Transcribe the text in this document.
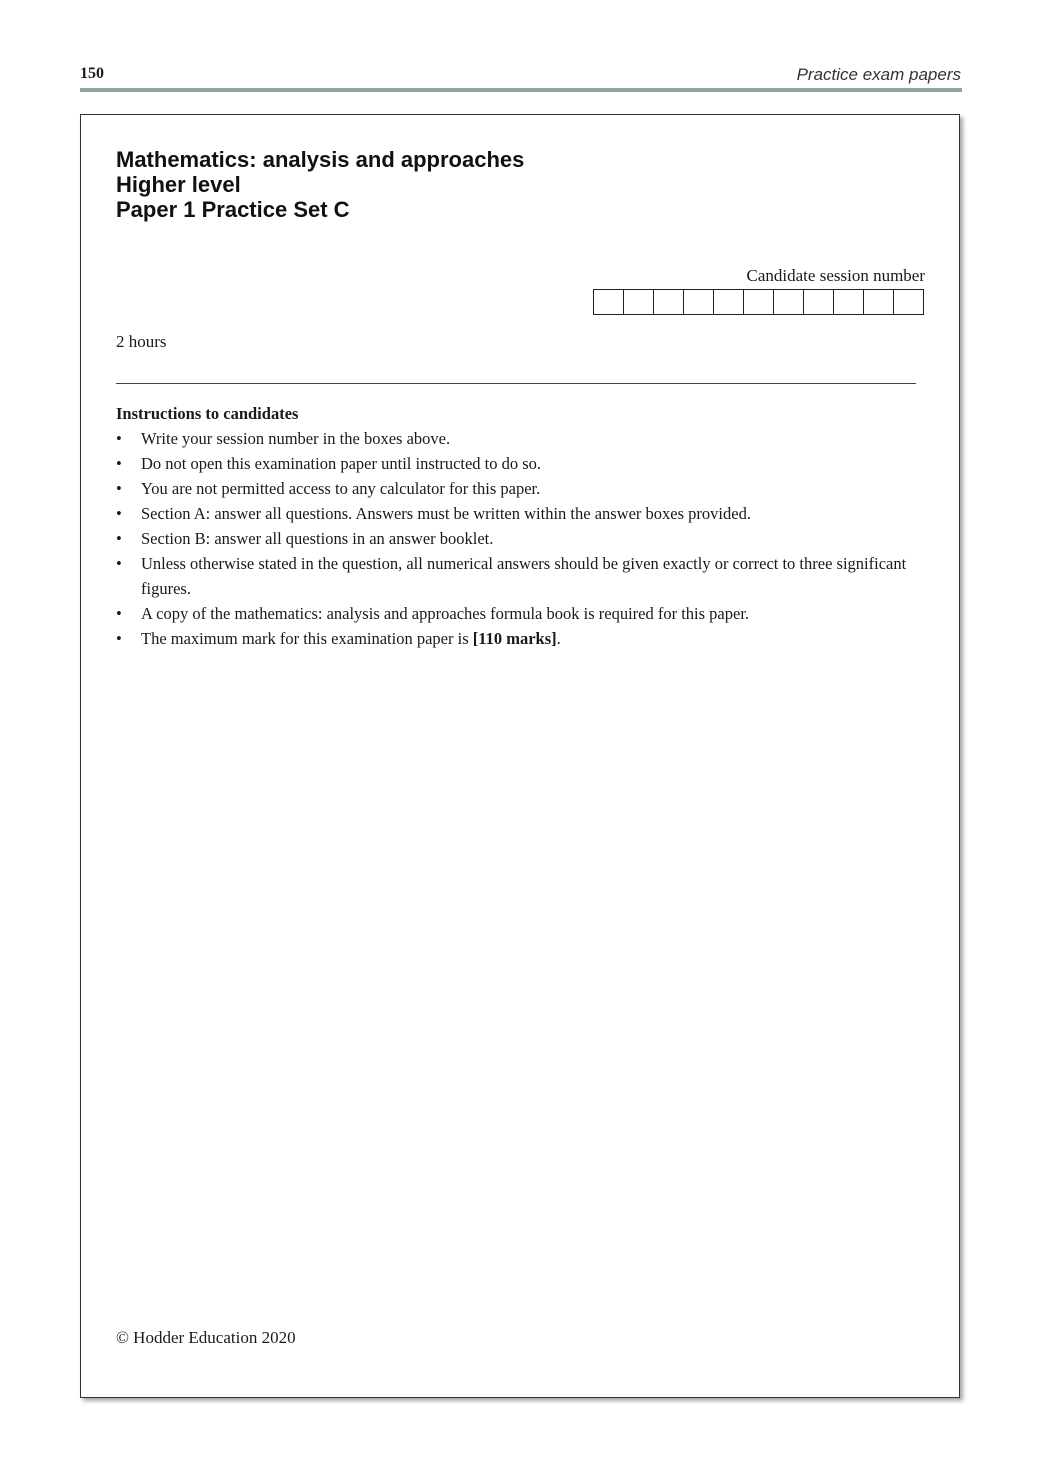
150	Practice exam papers
Mathematics: analysis and approaches
Higher level
Paper 1 Practice Set C
Candidate session number
2 hours
Instructions to candidates
• Write your session number in the boxes above.
• Do not open this examination paper until instructed to do so.
• You are not permitted access to any calculator for this paper.
• Section A: answer all questions. Answers must be written within the answer boxes provided.
• Section B: answer all questions in an answer booklet.
• Unless otherwise stated in the question, all numerical answers should be given exactly or correct to three significant figures.
• A copy of the mathematics: analysis and approaches formula book is required for this paper.
• The maximum mark for this examination paper is [110 marks].
© Hodder Education 2020
